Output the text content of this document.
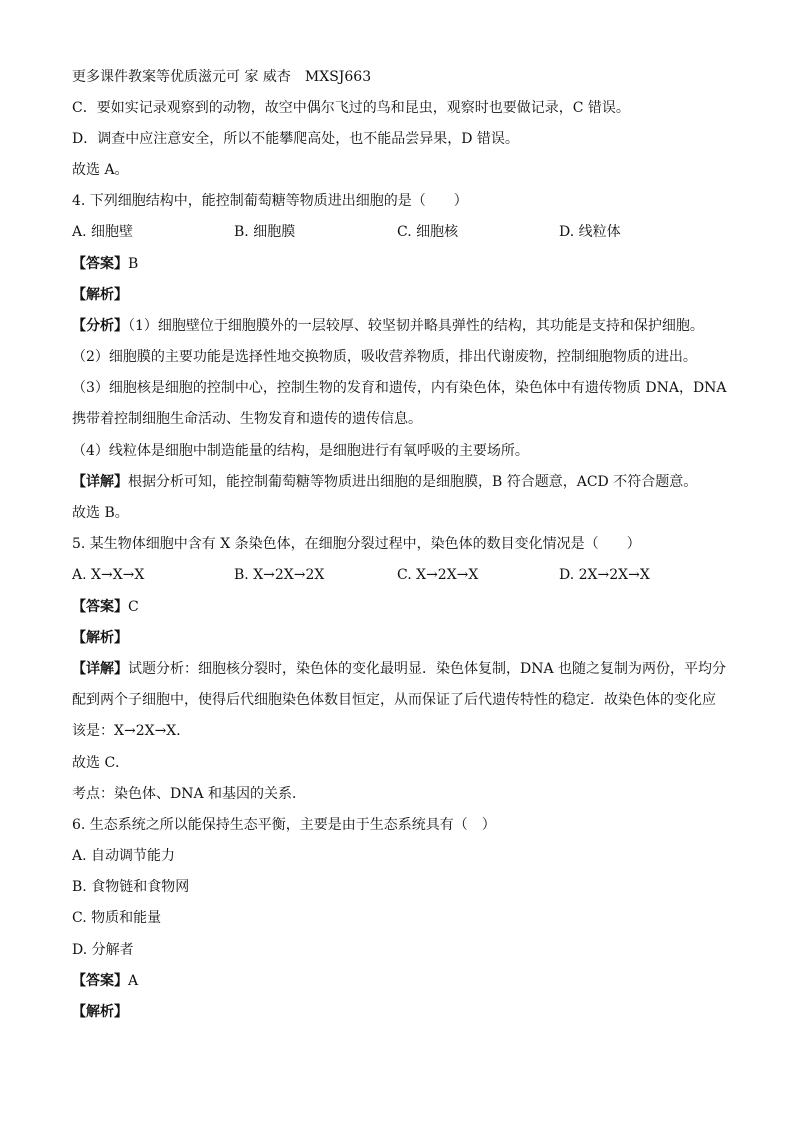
更多课件教案等优质滋元可 家 威杏　MXSJ663
C．要如实记录观察到的动物，故空中偶尔飞过的鸟和昆虫，观察时也要做记录，C 错误。
D．调查中应注意安全，所以不能攀爬高处，也不能品尝异果，D 错误。
故选 A。
4. 下列细胞结构中，能控制葡萄糖等物质进出细胞的是（　　）
A. 细胞壁	B. 细胞膜	C. 细胞核	D. 线粒体
【答案】B
【解析】
【分析】（1）细胞壁位于细胞膜外的一层较厚、较坚韧并略具弹性的结构，其功能是支持和保护细胞。
（2）细胞膜的主要功能是选择性地交换物质，吸收营养物质，排出代谢废物，控制细胞物质的进出。
（3）细胞核是细胞的控制中心，控制生物的发育和遗传，内有染色体，染色体中有遗传物质 DNA，DNA
携带着控制细胞生命活动、生物发育和遗传的遗传信息。
（4）线粒体是细胞中制造能量的结构，是细胞进行有氧呼吸的主要场所。
【详解】根据分析可知，能控制葡萄糖等物质进出细胞的是细胞膜，B 符合题意，ACD 不符合题意。
故选 B。
5. 某生物体细胞中含有 X 条染色体，在细胞分裂过程中，染色体的数目变化情况是（　　）
A. X→X→X	B. X→2X→2X	C. X→2X→X	D. 2X→2X→X
【答案】C
【解析】
【详解】试题分析：细胞核分裂时，染色体的变化最明显．染色体复制，DNA 也随之复制为两份，平均分
配到两个子细胞中，使得后代细胞染色体数目恒定，从而保证了后代遗传特性的稳定．故染色体的变化应
该是：X→2X→X．
故选 C．
考点：染色体、DNA 和基因的关系．
6. 生态系统之所以能保持生态平衡，主要是由于生态系统具有（　）
A. 自动调节能力
B. 食物链和食物网
C. 物质和能量
D. 分解者
【答案】A
【解析】
